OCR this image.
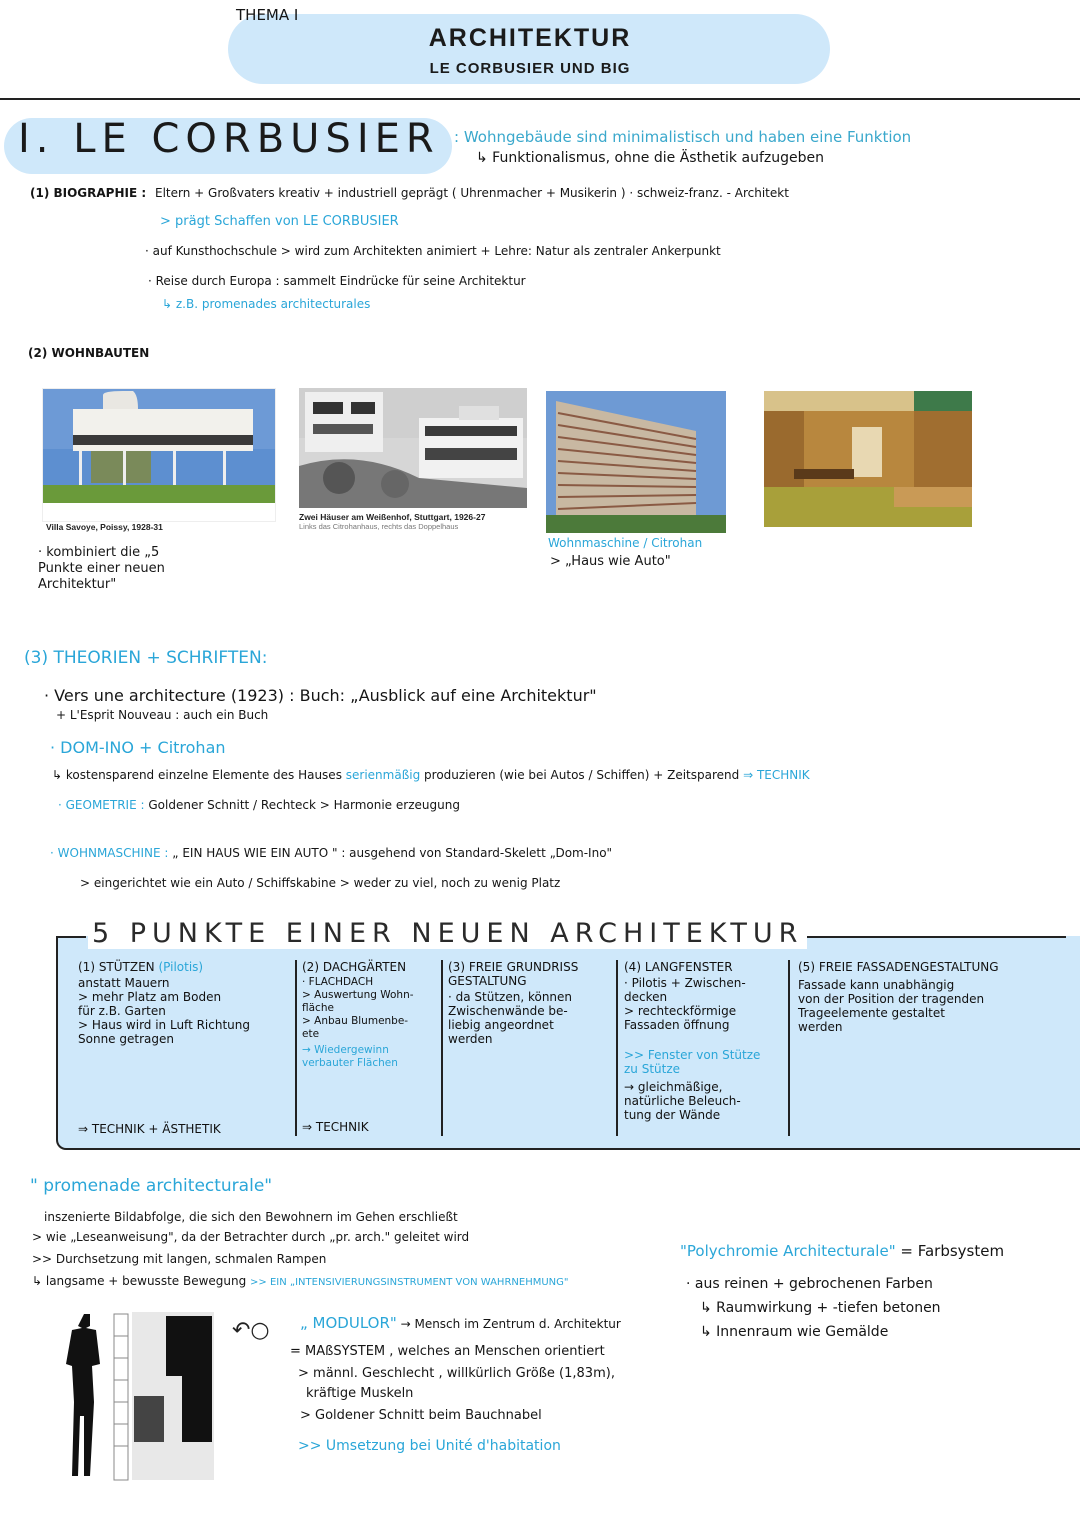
THEMA I
ARCHITEKTUR
LE CORBUSIER UND BIG
I. LE CORBUSIER : Wohngebäude sind minimalistisch und haben eine Funktion
↳ Funktionalismus, ohne die Ästhetik aufzugeben
(1) BIOGRAPHIE : Eltern + Großvaters kreativ + industriell geprägt ( Uhrenmacher + Musikerin ) · schweiz-franz. - Architekt
> prägt Schaffen von LE CORBUSIER
· auf Kunsthochschule > wird zum Architekten animiert + Lehre: Natur als zentraler Ankerpunkt
· Reise durch Europa : sammelt Eindrücke für seine Architektur
↳ z.B. promenades architecturales
(2) WOHNBAUTEN
Villa Savoye, Poissy, 1928-31
Zwei Häuser am Weißenhof, Stuttgart, 1926-27
Links das Citrohanhaus, rechts das Doppelhaus
Wohnmaschine / Citrohan
> „Haus wie Auto"
· kombiniert die „5
Punkte einer neuen
Architektur"
(3) THEORIEN + SCHRIFTEN:
· Vers une architecture (1923) : Buch: „Ausblick auf eine Architektur"
+ L'Esprit Nouveau : auch ein Buch
· DOM-INO + Citrohan
↳ kostensparend einzelne Elemente des Hauses serienmäßig produzieren (wie bei Autos / Schiffen) + Zeitsparend ⇒ TECHNIK
· GEOMETRIE : Goldener Schnitt / Rechteck > Harmonie erzeugung
· WOHNMASCHINE : „ EIN HAUS WIE EIN AUTO " : ausgehend von Standard-Skelett „Dom-Ino"
> eingerichtet wie ein Auto / Schiffskabine > weder zu viel, noch zu wenig Platz
5 PUNKTE EINER NEUEN ARCHITEKTUR
(1) STÜTZEN (Pilotis)
anstatt Mauern
> mehr Platz am Boden
für z.B. Garten
> Haus wird in Luft Richtung
Sonne getragen
⇒ TECHNIK + ÄSTHETIK
(2) DACHGÄRTEN
· FLACHDACH
> Auswertung Wohn-
fläche
> Anbau Blumenbe-
ete
→ Wiedergewinn
verbauter Flächen
⇒ TECHNIK
(3) FREIE GRUNDRISS
GESTALTUNG
· da Stützen, können
Zwischenwände be-
liebig angeordnet
werden
(4) LANGFENSTER
· Pilotis + Zwischen-
decken
> rechteckförmige
Fassaden öffnung
>> Fenster von Stütze
zu Stütze
→ gleichmäßige,
natürliche Beleuch-
tung der Wände
(5) FREIE FASSADENGESTALTUNG
Fassade kann unabhängig
von der Position der tragenden
Trageelemente gestaltet
werden
" promenade architecturale"
inszenierte Bildabfolge, die sich den Bewohnern im Gehen erschließt
> wie „Leseanweisung", da der Betrachter durch „pr. arch." geleitet wird
>> Durchsetzung mit langen, schmalen Rampen
↳ langsame + bewusste Bewegung >> EIN „INTENSIVIERUNGSINSTRUMENT VON WAHRNEHMUNG"
"Polychromie Architecturale" = Farbsystem
· aus reinen + gebrochenen Farben
↳ Raumwirkung + -tiefen betonen
↳ Innenraum wie Gemälde
↶○ „ MODULOR" → Mensch im Zentrum d. Architektur
= MAßSYSTEM , welches an Menschen orientiert
> männl. Geschlecht , willkürlich Größe (1,83m),
kräftige Muskeln
> Goldener Schnitt beim Bauchnabel
>> Umsetzung bei Unité d'habitation
